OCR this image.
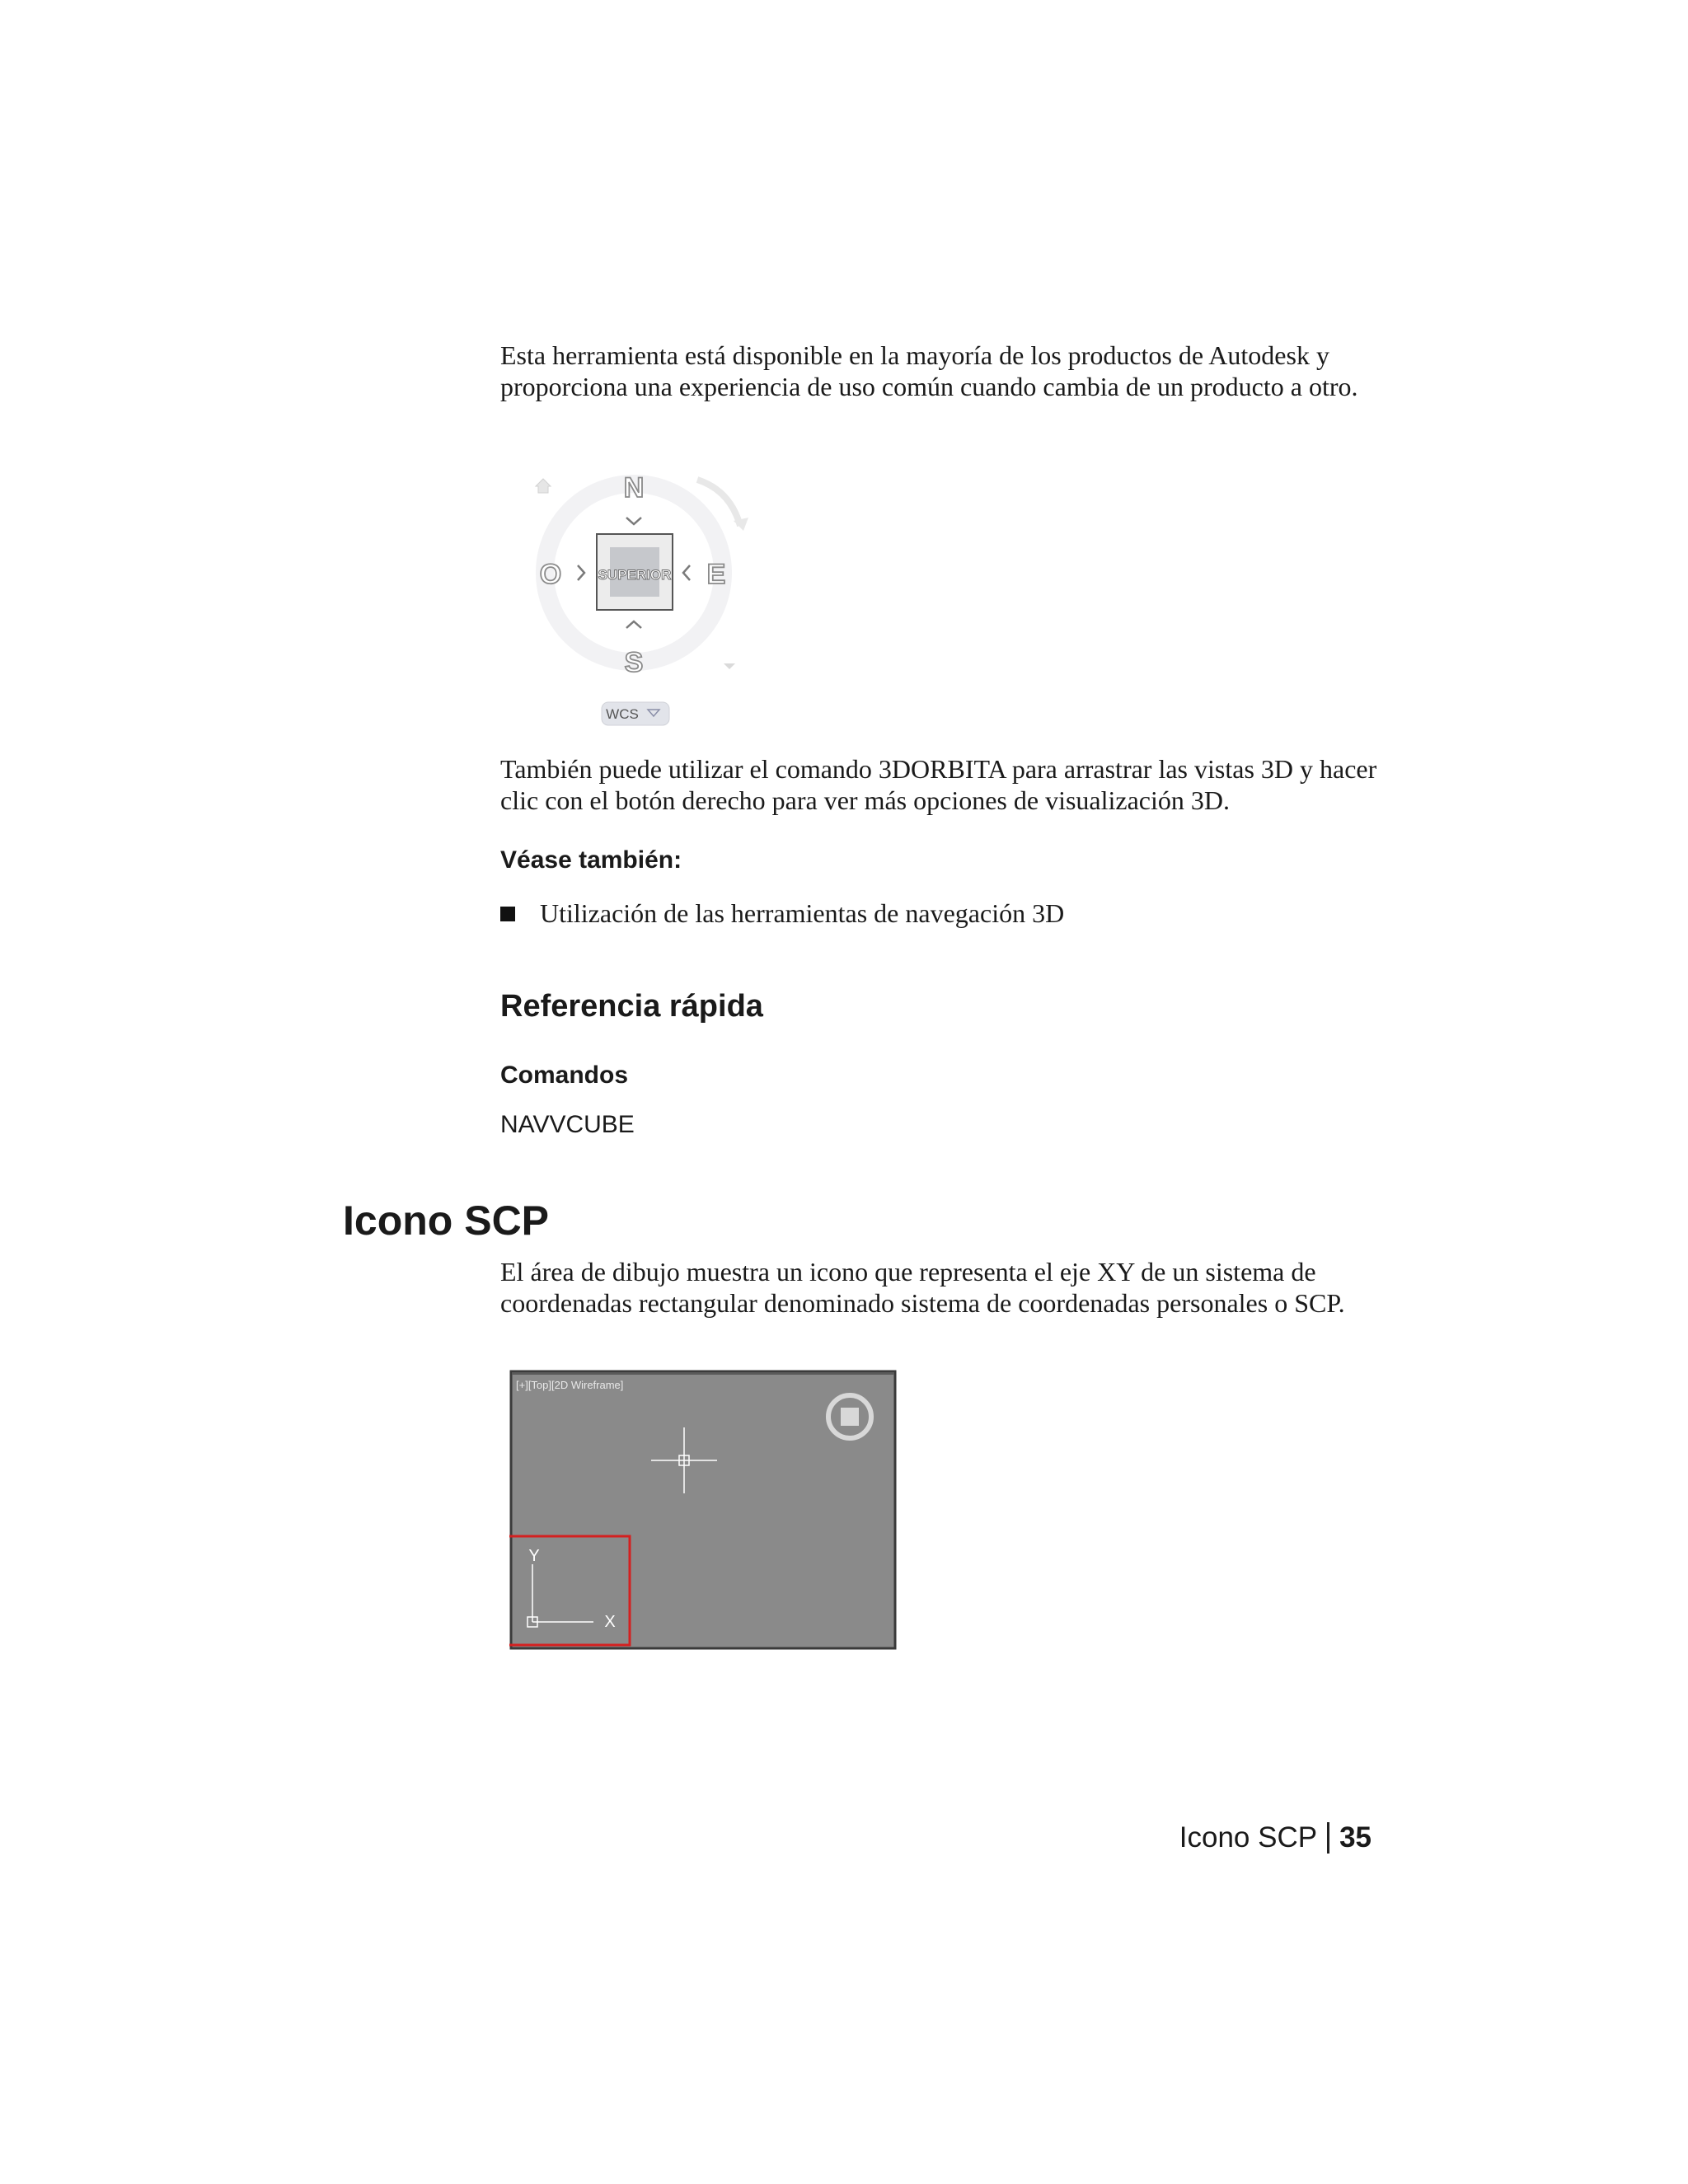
Esta herramienta está disponible en la mayoría de los productos de Autodesk y proporciona una experiencia de uso común cuando cambia de un producto a otro.

N
S
E
O	SUPERIOR
WCS

También puede utilizar el comando 3DORBITA para arrastrar las vistas 3D y hacer clic con el botón derecho para ver más opciones de visualización 3D.

Véase también:

Utilización de las herramientas de navegación 3D

Referencia rápida

Comandos

NAVVCUBE

Icono SCP

El área de dibujo muestra un icono que representa el eje XY de un sistema de coordenadas rectangular denominado sistema de coordenadas personales o SCP.

[+][Top][2D Wireframe]
Y
X
Icono SCP 35
